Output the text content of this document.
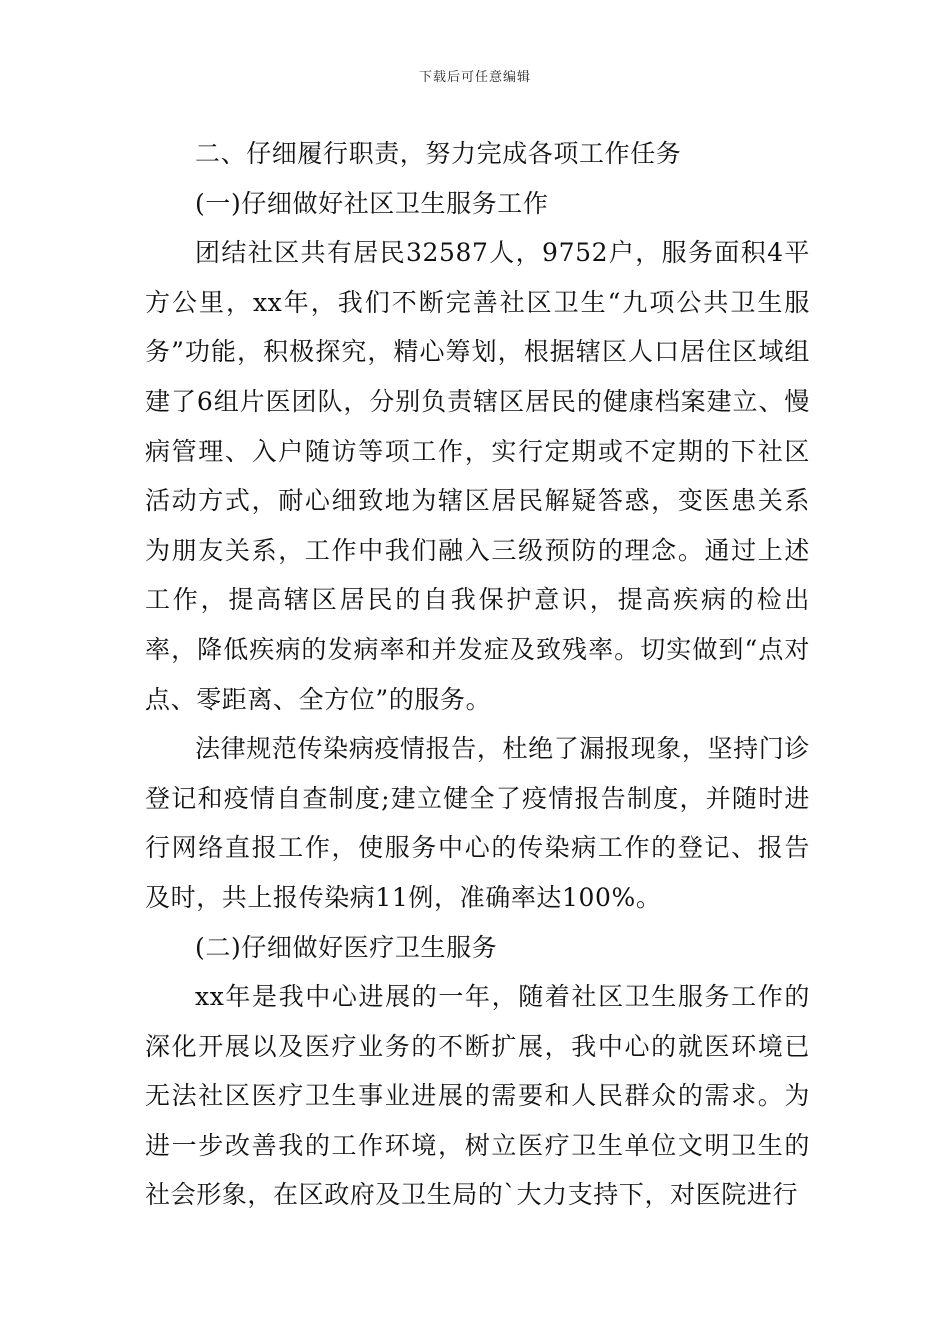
下载后可任意编辑

二、仔细履行职责，努力完成各项工作任务

(一)仔细做好社区卫生服务工作

团结社区共有居民32587人，9752户，服务面积4平方公里，xx年，我们不断完善社区卫生“九项公共卫生服务”功能，积极探究，精心筹划，根据辖区人口居住区域组建了6组片医团队，分别负责辖区居民的健康档案建立、慢病管理、入户随访等项工作，实行定期或不定期的下社区活动方式，耐心细致地为辖区居民解疑答惑，变医患关系为朋友关系，工作中我们融入三级预防的理念。通过上述工作，提高辖区居民的自我保护意识，提高疾病的检出率，降低疾病的发病率和并发症及致残率。切实做到“点对点、零距离、全方位”的服务。

法律规范传染病疫情报告，杜绝了漏报现象，坚持门诊登记和疫情自查制度;建立健全了疫情报告制度，并随时进行网络直报工作，使服务中心的传染病工作的登记、报告及时，共上报传染病11例，准确率达100%。

(二)仔细做好医疗卫生服务

xx年是我中心进展的一年，随着社区卫生服务工作的深化开展以及医疗业务的不断扩展，我中心的就医环境已无法社区医疗卫生事业进展的需要和人民群众的需求。为进一步改善我的工作环境，树立医疗卫生单位文明卫生的社会形象，在区政府及卫生局的`大力支持下，对医院进行
